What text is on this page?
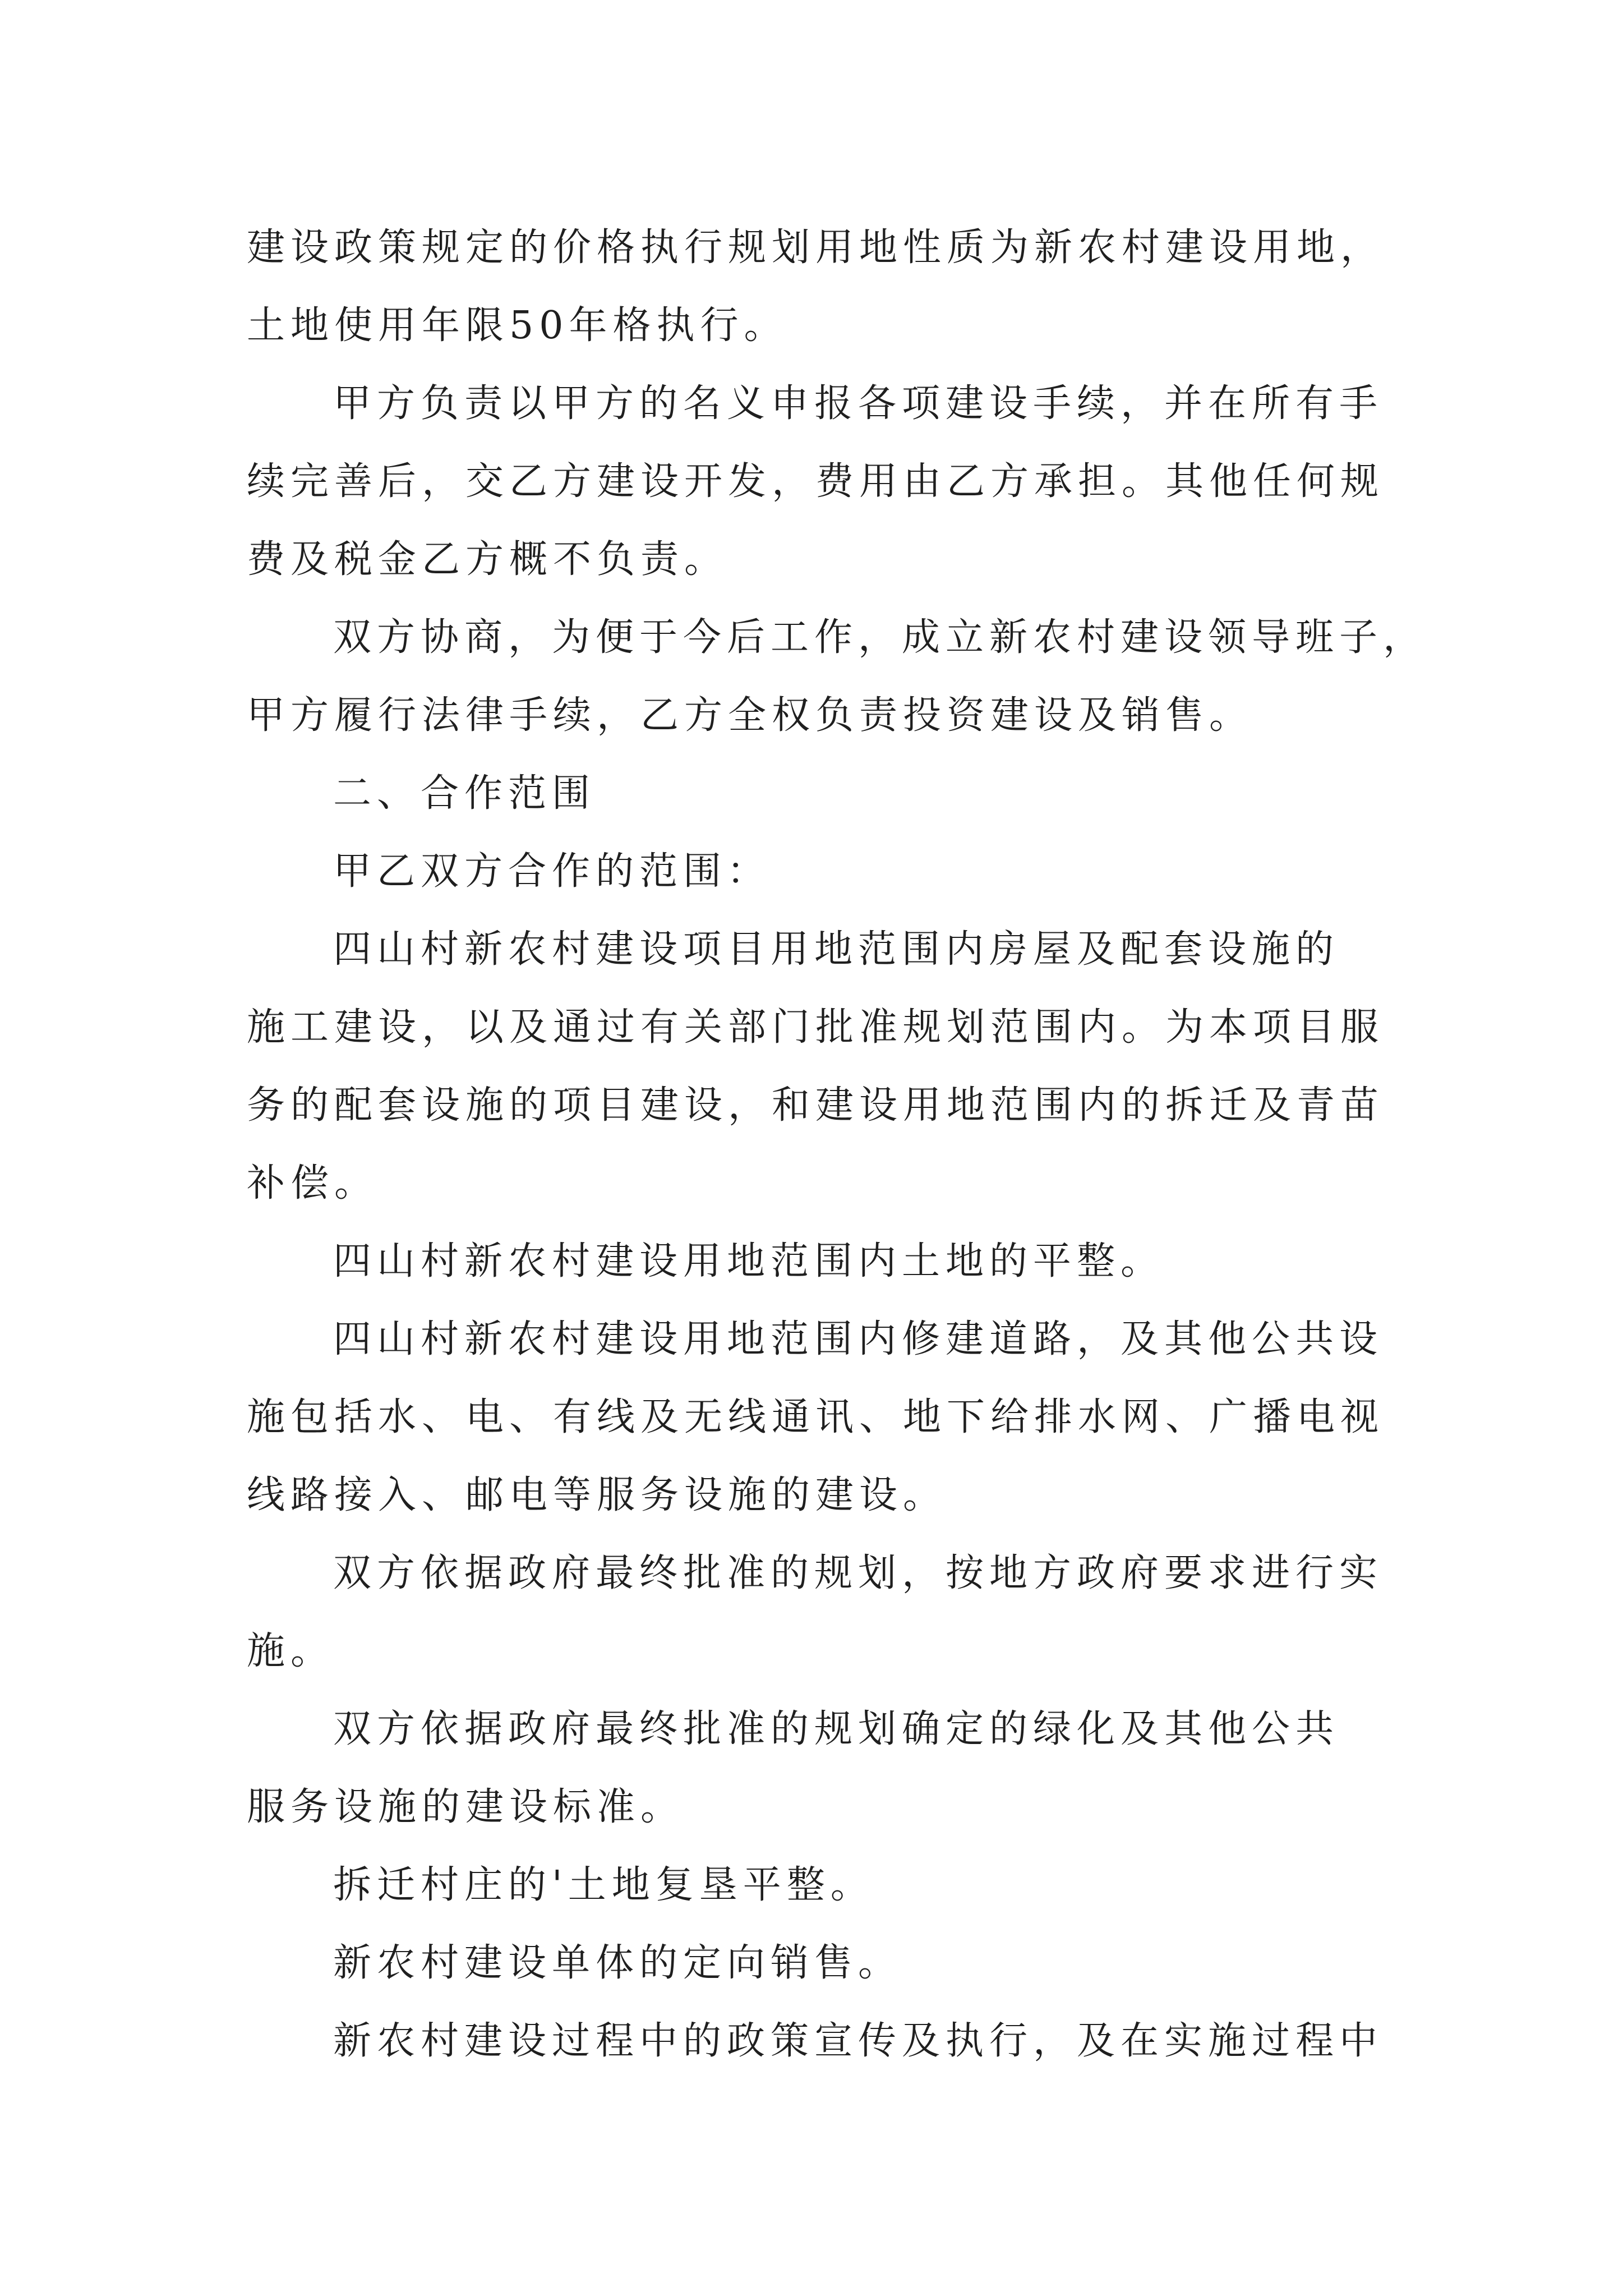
建设政策规定的价格执行规划用地性质为新农村建设用地，
土地使用年限50年格执行。
甲方负责以甲方的名义申报各项建设手续，并在所有手
续完善后，交乙方建设开发，费用由乙方承担。其他任何规
费及税金乙方概不负责。
双方协商，为便于今后工作，成立新农村建设领导班子，
甲方履行法律手续，乙方全权负责投资建设及销售。
二、合作范围
甲乙双方合作的范围：
四山村新农村建设项目用地范围内房屋及配套设施的
施工建设，以及通过有关部门批准规划范围内。为本项目服
务的配套设施的项目建设，和建设用地范围内的拆迁及青苗
补偿。
四山村新农村建设用地范围内土地的平整。
四山村新农村建设用地范围内修建道路，及其他公共设
施包括水、电、有线及无线通讯、地下给排水网、广播电视
线路接入、邮电等服务设施的建设。
双方依据政府最终批准的规划，按地方政府要求进行实
施。
双方依据政府最终批准的规划确定的绿化及其他公共
服务设施的建设标准。
拆迁村庄的'土地复垦平整。
新农村建设单体的定向销售。
新农村建设过程中的政策宣传及执行，及在实施过程中
